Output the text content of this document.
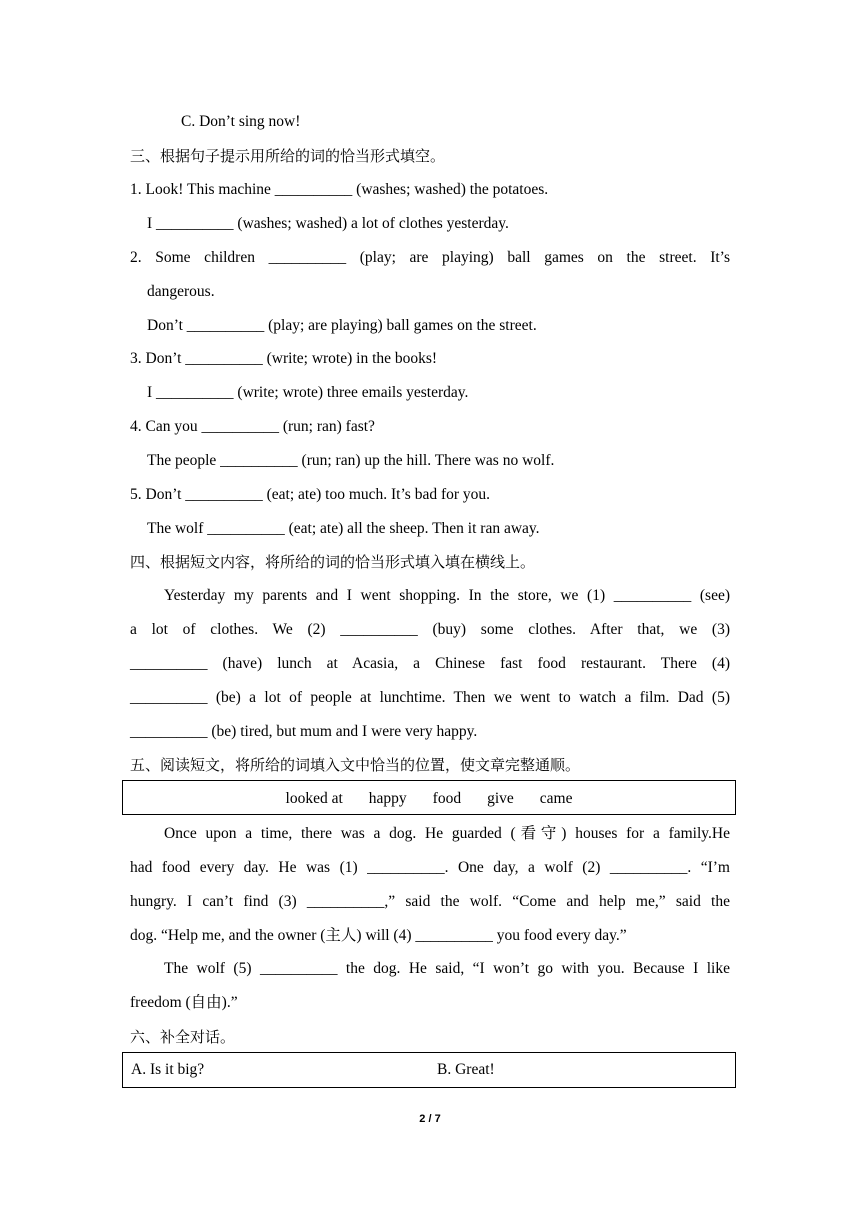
C. Don’t sing now!
三、根据句子提示用所给的词的恰当形式填空。
1. Look! This machine __________ (washes; washed) the potatoes.
I __________ (washes; washed) a lot of clothes yesterday.
2. Some children __________ (play; are playing) ball games on the street. It’s
dangerous.
Don’t __________ (play; are playing) ball games on the street.
3. Don’t __________ (write; wrote) in the books!
I __________ (write; wrote) three emails yesterday.
4. Can you __________ (run; ran) fast?
The people __________ (run; ran) up the hill. There was no wolf.
5. Don’t __________ (eat; ate) too much. It’s bad for you.
The wolf __________ (eat; ate) all the sheep. Then it ran away.
四、根据短文内容，将所给的词的恰当形式填入填在横线上。
Yesterday my parents and I went shopping. In the store, we (1) __________ (see)
a lot of clothes. We (2) __________ (buy) some clothes. After that, we (3)
__________ (have) lunch at Acasia, a Chinese fast food restaurant. There (4)
__________ (be) a lot of people at lunchtime. Then we went to watch a film. Dad (5)
__________ (be) tired, but mum and I were very happy.
五、阅读短文，将所给的词填入文中恰当的位置，使文章完整通顺。
looked at happy food give came
Once upon a time, there was a dog. He guarded (看守) houses for a family.He
had food every day. He was (1) __________. One day, a wolf (2) __________. “I’m
hungry. I can’t find (3) __________,” said the wolf. “Come and help me,” said the
dog. “Help me, and the owner (主人) will (4) __________ you food every day.”
The wolf (5) __________ the dog. He said, “I won’t go with you. Because I like
freedom (自由).”
六、补全对话。
A. Is it big?	B. Great!
2 / 7
